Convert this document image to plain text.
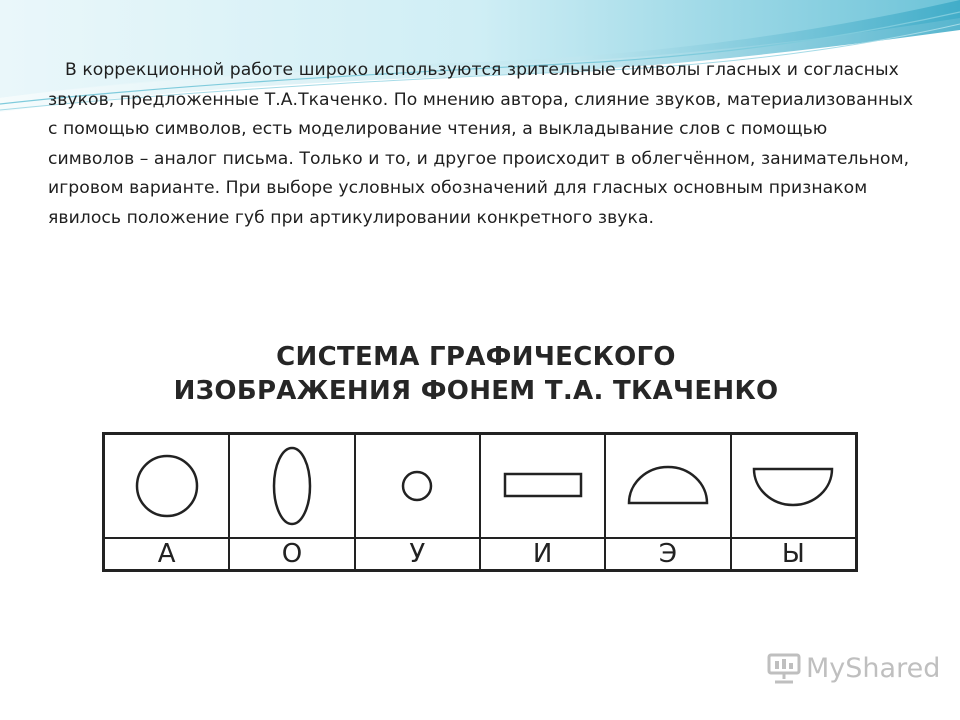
В коррекционной работе широко используются зрительные символы гласных и согласных звуков, предложенные Т.А.Ткаченко. По мнению автора, слияние звуков, материализованных с помощью символов, есть моделирование чтения, а выкладывание слов с помощью символов – аналог письма. Только и то, и другое происходит в облегчённом, занимательном, игровом варианте. При выборе условных обозначений для гласных основным признаком явилось положение губ при артикулировании конкретного звука.

СИСТЕМА ГРАФИЧЕСКОГО
ИЗОБРАЖЕНИЯ ФОНЕМ Т.А. ТКАЧЕНКО
А	О	У	И	Э	Ы
MyShared
